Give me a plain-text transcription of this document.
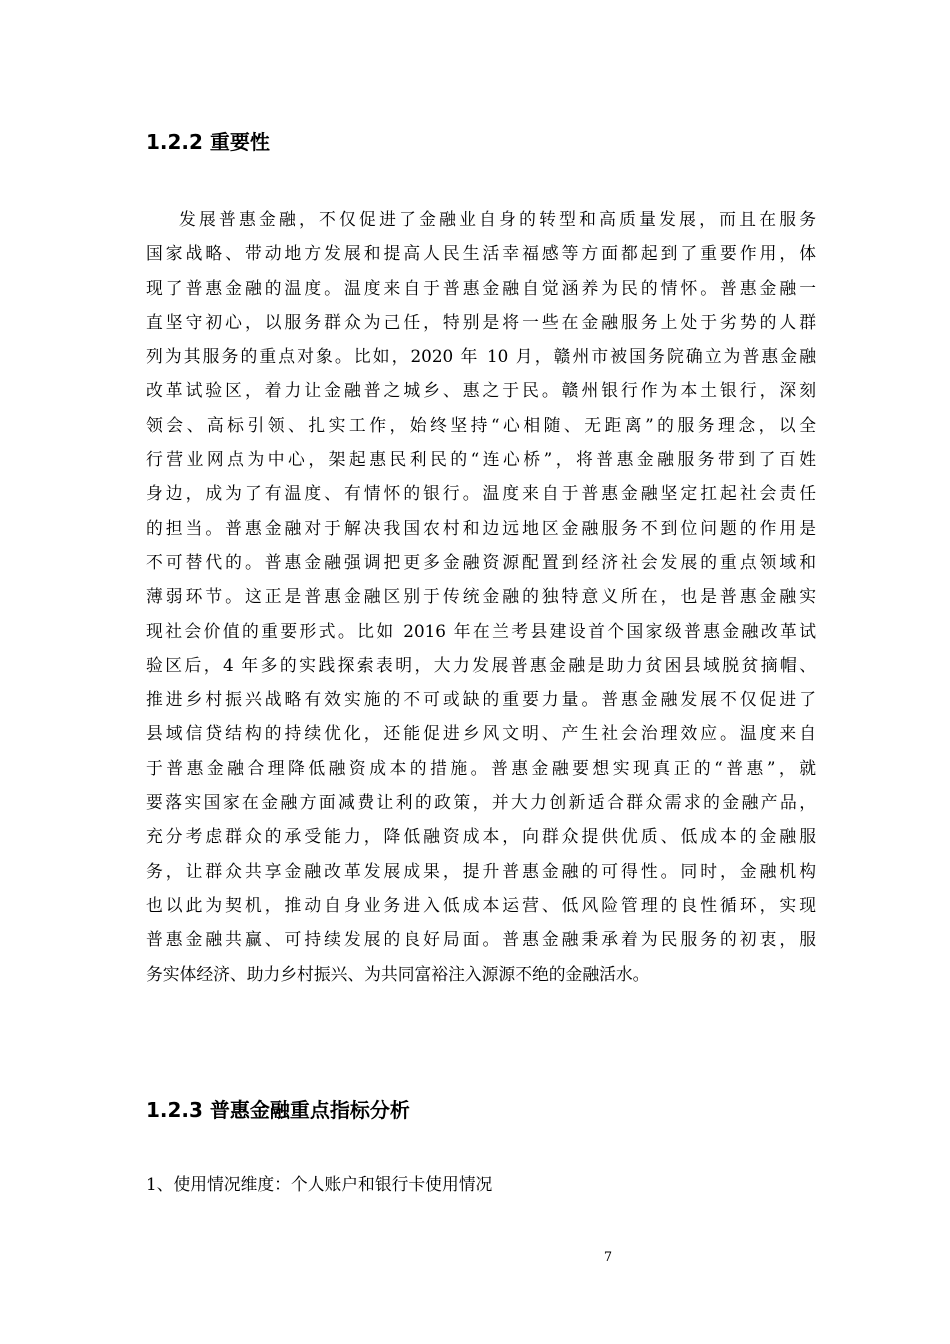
1.2.2 重要性
发展普惠金融，不仅促进了金融业自身的转型和高质量发展，而且在服务
国家战略、带动地方发展和提高人民生活幸福感等方面都起到了重要作用，体
现了普惠金融的温度。温度来自于普惠金融自觉涵养为民的情怀。普惠金融一
直坚守初心，以服务群众为己任，特别是将一些在金融服务上处于劣势的人群
列为其服务的重点对象。比如，2020 年 10 月，赣州市被国务院确立为普惠金融
改革试验区，着力让金融普之城乡、惠之于民。赣州银行作为本土银行，深刻
领会、高标引领、扎实工作，始终坚持“心相随、无距离”的服务理念，以全
行营业网点为中心，架起惠民利民的“连心桥”，将普惠金融服务带到了百姓
身边，成为了有温度、有情怀的银行。温度来自于普惠金融坚定扛起社会责任
的担当。普惠金融对于解决我国农村和边远地区金融服务不到位问题的作用是
不可替代的。普惠金融强调把更多金融资源配置到经济社会发展的重点领域和
薄弱环节。这正是普惠金融区别于传统金融的独特意义所在，也是普惠金融实
现社会价值的重要形式。比如 2016 年在兰考县建设首个国家级普惠金融改革试
验区后，4 年多的实践探索表明，大力发展普惠金融是助力贫困县域脱贫摘帽、
推进乡村振兴战略有效实施的不可或缺的重要力量。普惠金融发展不仅促进了
县域信贷结构的持续优化，还能促进乡风文明、产生社会治理效应。温度来自
于普惠金融合理降低融资成本的措施。普惠金融要想实现真正的“普惠”，就
要落实国家在金融方面减费让利的政策，并大力创新适合群众需求的金融产品，
充分考虑群众的承受能力，降低融资成本，向群众提供优质、低成本的金融服
务，让群众共享金融改革发展成果，提升普惠金融的可得性。同时，金融机构
也以此为契机，推动自身业务进入低成本运营、低风险管理的良性循环，实现
普惠金融共赢、可持续发展的良好局面。普惠金融秉承着为民服务的初衷，服
务实体经济、助力乡村振兴、为共同富裕注入源源不绝的金融活水。
1.2.3 普惠金融重点指标分析

1、使用情况维度：个人账户和银行卡使用情况

7
